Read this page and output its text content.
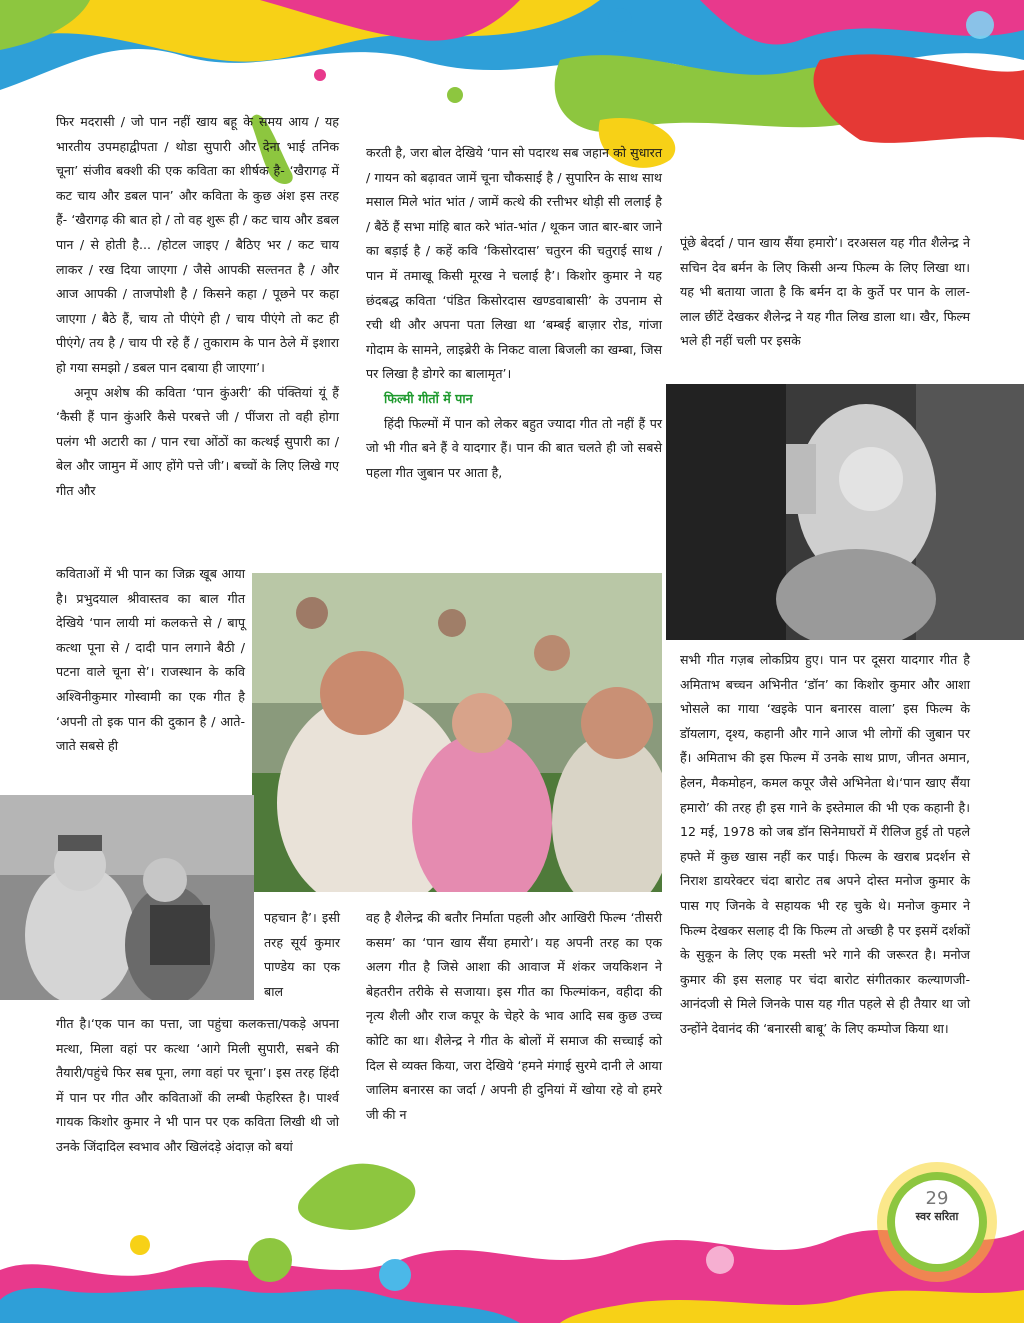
फिर मदरासी / जो पान नहीं खाय बहू के समय आय / यह भारतीय उपमहाद्वीपता / थोडा सुपारी और देना भाई तनिक चूना’ संजीव बक्शी की एक कविता का शीर्षक है- ‘खैरागढ़ में कट चाय और डबल पान’ और कविता के कुछ अंश इस तरह हैं- ‘खैरागढ़ की बात हो / तो वह शुरू ही / कट चाय और डबल पान / से होती है... /होटल जाइए / बैठिए भर / कट चाय लाकर / रख दिया जाएगा / जैसे आपकी सल्तनत है / और आज आपकी / ताजपोशी है / किसने कहा / पूछने पर कहा जाएगा / बैठे हैं, चाय तो पीएंगे ही / चाय पीएंगे तो कट ही पीएंगे/ तय है / चाय पी रहे हैं / तुकाराम के पान ठेले में इशारा हो गया समझो / डबल पान दबाया ही जाएगा’।

अनूप अशेष की कविता ‘पान कुंअरी’ की पंक्तियां यूं हैं ‘कैसी हैं पान कुंअरि कैसे परबत्ते जी / पींजरा तो वही होगा पलंग भी अटारी का / पान रचा ओंठों का कत्थई सुपारी का / बेल और जामुन में आए होंगे पत्ते जी’। बच्चों के लिए लिखे गए गीत और

कविताओं में भी पान का जिक्र खूब आया है। प्रभुदयाल श्रीवास्तव का बाल गीत देखिये ‘पान लायी मां कलकत्ते से / बापू कत्था पूना से / दादी पान लगाने बैठी / पटना वाले चूना से’। राजस्थान के कवि अश्विनीकुमार गोस्वामी का एक गीत है ‘अपनी तो इक पान की दुकान है / आते-जाते सबसे ही

पहचान है’। इसी तरह सूर्य कुमार पाण्डेय का एक बाल

गीत है।‘एक पान का पत्ता, जा पहुंचा कलकत्ता/पकड़े अपना मत्था, मिला वहां पर कत्था ‘आगे मिली सुपारी, सबने की तैयारी/पहुंचे फिर सब पूना, लगा वहां पर चूना’। इस तरह हिंदी में पान पर गीत और कविताओं की लम्बी फेहरिस्त है। पार्श्व गायक किशोर कुमार ने भी पान पर एक कविता लिखी थी जो उनके जिंदादिल स्वभाव और खिलंदड़े अंदाज़ को बयां

करती है, जरा बोल देखिये ‘पान सो पदारथ सब जहान को सुधारत / गायन को बढ़ावत जामें चूना चौकसाई है / सुपारिन के साथ साथ मसाल मिले भांत भांत / जामें कत्थे की रत्तीभर थोड़ी सी ललाई है / बैठें हैं सभा मांहि बात करे भांत-भांत / थूकन जात बार-बार जाने का बड़ाई है / कहें कवि ‘किसोरदास’ चतुरन की चतुराई साथ / पान में तमाखू किसी मूरख ने चलाई है’। किशोर कुमार ने यह छंदबद्ध कविता ‘पंडित किसोरदास खण्डवाबासी’ के उपनाम से रची थी और अपना पता लिखा था ‘बम्बई बाज़ार रोड, गांजा गोदाम के सामने, लाइब्रेरी के निकट वाला बिजली का खम्बा, जिस पर लिखा है डोगरे का बालामृत’।

फिल्मी गीतों में पान

हिंदी फिल्मों में पान को लेकर बहुत ज्यादा गीत तो नहीं हैं पर जो भी गीत बने हैं वे यादगार हैं। पान की बात चलते ही जो सबसे पहला गीत जुबान पर आता है,

पूंछे बेदर्दा / पान खाय सैंया हमारो’। दरअसल यह गीत शैलेन्द्र ने सचिन देव बर्मन के लिए किसी अन्य फिल्म के लिए लिखा था। यह भी बताया जाता है कि बर्मन दा के कुर्ते पर पान के लाल-लाल छींटें देखकर शैलेन्द्र ने यह गीत लिख डाला था। खैर, फिल्म भले ही नहीं चली पर इसके

वह है शैलेन्द्र की बतौर निर्माता पहली और आखिरी फिल्म ‘तीसरी कसम’ का ‘पान खाय सैंया हमारो’। यह अपनी तरह का एक अलग गीत है जिसे आशा की आवाज में शंकर जयकिशन ने बेहतरीन तरीके से सजाया। इस गीत का फिल्मांकन, वहीदा की नृत्य शैली और राज कपूर के चेहरे के भाव आदि सब कुछ उच्च कोटि का था। शैलेन्द्र ने गीत के बोलों में समाज की सच्चाई को दिल से व्यक्त किया, जरा देखिये ‘हमने मंगाई सुरमे दानी ले आया जालिम बनारस का जर्दा / अपनी ही दुनियां में खोया रहे वो हमरे जी की न

सभी गीत गज़ब लोकप्रिय हुए। पान पर दूसरा यादगार गीत है अमिताभ बच्चन अभिनीत ‘डॉन’ का किशोर कुमार और आशा भोसले का गाया ‘खइके पान बनारस वाला’ इस फिल्म के डॉयलाग, दृश्य, कहानी और गाने आज भी लोगों की जुबान पर हैं। अमिताभ की इस फिल्म में उनके साथ प्राण, जीनत अमान, हेलन, मैकमोहन, कमल कपूर जैसे अभिनेता थे।‘पान खाए सैंया हमारो’ की तरह ही इस गाने के इस्तेमाल की भी एक कहानी है। 12 मई, 1978 को जब डॉन सिनेमाघरों में रीलिज हुई तो पहले हफ्ते में कुछ खास नहीं कर पाई। फिल्म के खराब प्रदर्शन से निराश डायरेक्टर चंदा बारोट तब अपने दोस्त मनोज कुमार के पास गए जिनके वे सहायक भी रह चुके थे। मनोज कुमार ने फिल्म देखकर सलाह दी कि फिल्म तो अच्छी है पर इसमें दर्शकों के सुकून के लिए एक मस्ती भरे गाने की जरूरत है। मनोज कुमार की इस सलाह पर चंदा बारोट संगीतकार कल्याणजी-आनंदजी से मिले जिनके पास यह गीत पहले से ही तैयार था जो उन्होंने देवानंद की ‘बनारसी बाबू’ के लिए कम्पोज किया था।

29
स्वर सरिता
